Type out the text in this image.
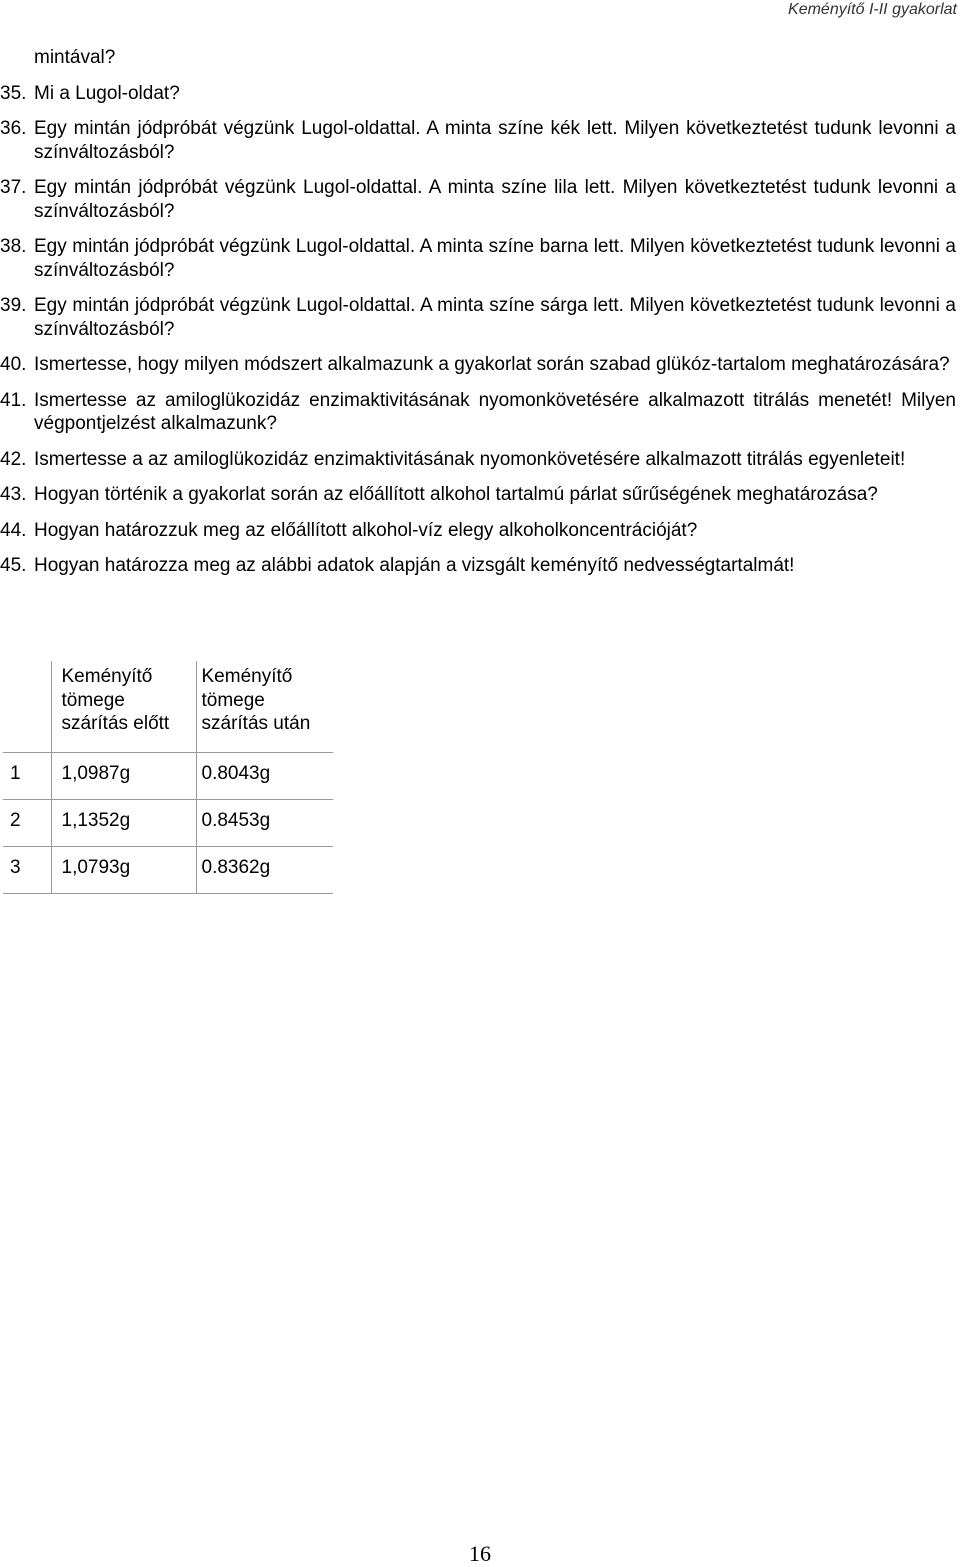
Keményítő I-II gyakorlat
mintával?
35. Mi a Lugol-oldat?
36. Egy mintán jódpróbát végzünk Lugol-oldattal. A minta színe kék lett. Milyen következtetést tudunk levonni a színváltozásból?
37. Egy mintán jódpróbát végzünk Lugol-oldattal. A minta színe lila lett. Milyen következtetést tudunk levonni a színváltozásból?
38. Egy mintán jódpróbát végzünk Lugol-oldattal. A minta színe barna lett. Milyen következtetést tudunk levonni a színváltozásból?
39. Egy mintán jódpróbát végzünk Lugol-oldattal. A minta színe sárga lett. Milyen következtetést tudunk levonni a színváltozásból?
40. Ismertesse, hogy milyen módszert alkalmazunk a gyakorlat során szabad glükóz-tartalom meghatározására?
41. Ismertesse az amiloglükozidáz enzimaktivitásának nyomonkövetésére alkalmazott titrálás menetét! Milyen végpontjelzést alkalmazunk?
42. Ismertesse a az amiloglükozidáz enzimaktivitásának nyomonkövetésére alkalmazott titrálás egyenleteit!
43. Hogyan történik a gyakorlat során az előállított alkohol tartalmú párlat sűrűségének meghatározása?
44. Hogyan határozzuk meg az előállított alkohol-víz elegy alkoholkoncentrációját?
45. Hogyan határozza meg az alábbi adatok alapján a vizsgált keményítő nedvességtartalmát!
	Keményítő tömege szárítás előtt	Keményítő tömege szárítás után
1	1,0987g	0.8043g
2	1,1352g	0.8453g
3	1,0793g	0.8362g
16
